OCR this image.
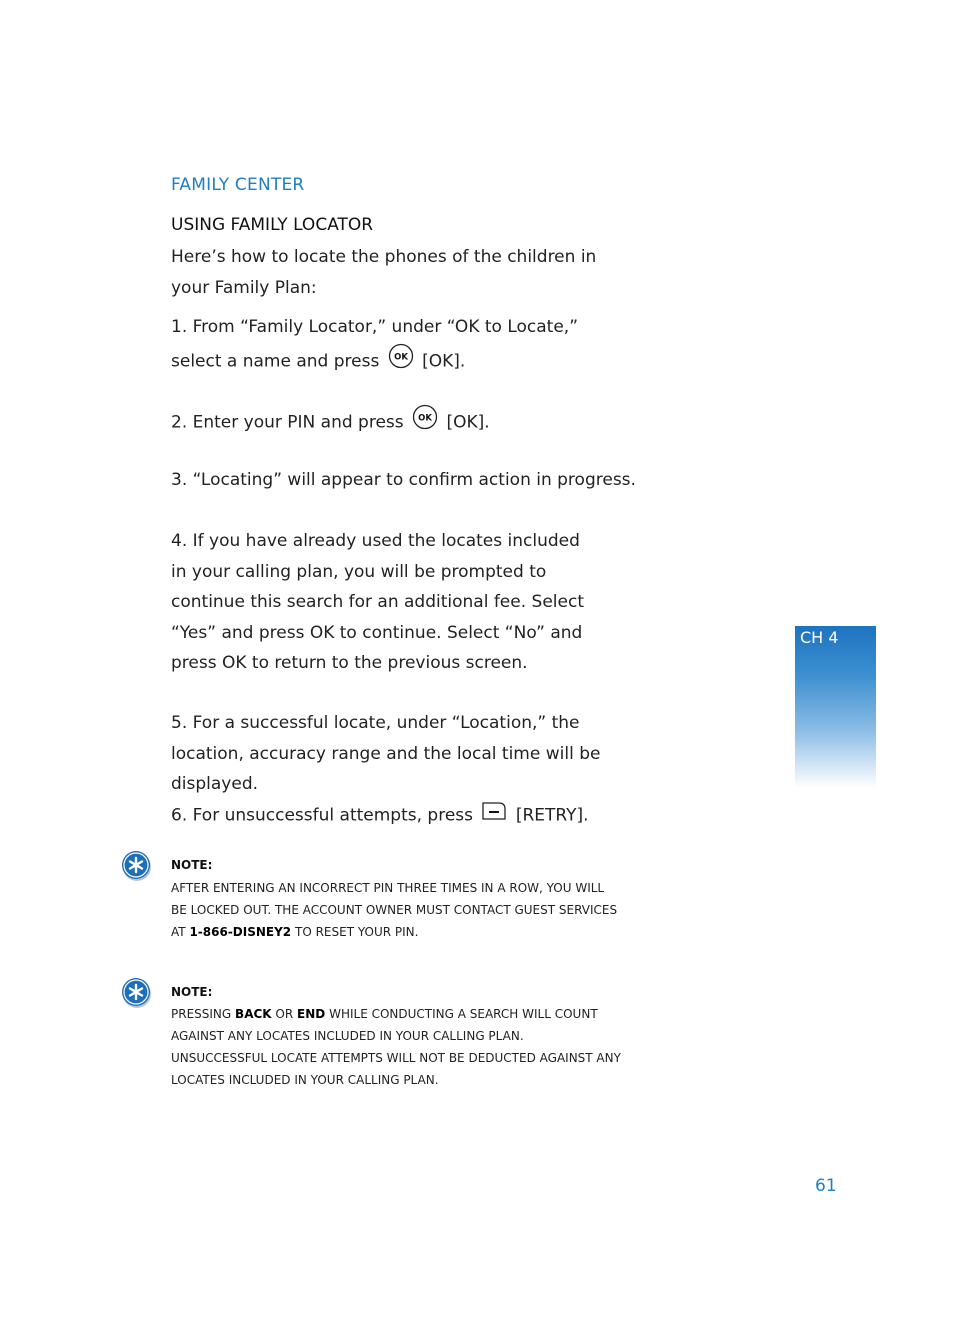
FAMILY CENTER
USING FAMILY LOCATOR
Here’s how to locate the phones of the children in your Family Plan:
1. From “Family Locator,” under “OK to Locate,” select a name and press OK [OK].
2. Enter your PIN and press OK [OK].
3. “Locating” will appear to confirm action in progress.
4. If you have already used the locates included in your calling plan, you will be prompted to continue this search for an additional fee. Select “Yes” and press OK to continue. Select “No” and press OK to return to the previous screen.
5. For a successful locate, under “Location,” the location, accuracy range and the local time will be displayed.
6. For unsuccessful attempts, press	[RETRY].
NOTE:
AFTER ENTERING AN INCORRECT PIN THREE TIMES IN A ROW, YOU WILL BE LOCKED OUT. THE ACCOUNT OWNER MUST CONTACT GUEST SERVICES AT 1-866-DISNEY2 TO RESET YOUR PIN.
NOTE:
PRESSING BACK OR END WHILE CONDUCTING A SEARCH WILL COUNT AGAINST ANY LOCATES INCLUDED IN YOUR CALLING PLAN. UNSUCCESSFUL LOCATE ATTEMPTS WILL NOT BE DEDUCTED AGAINST ANY LOCATES INCLUDED IN YOUR CALLING PLAN.
CH 4
61
